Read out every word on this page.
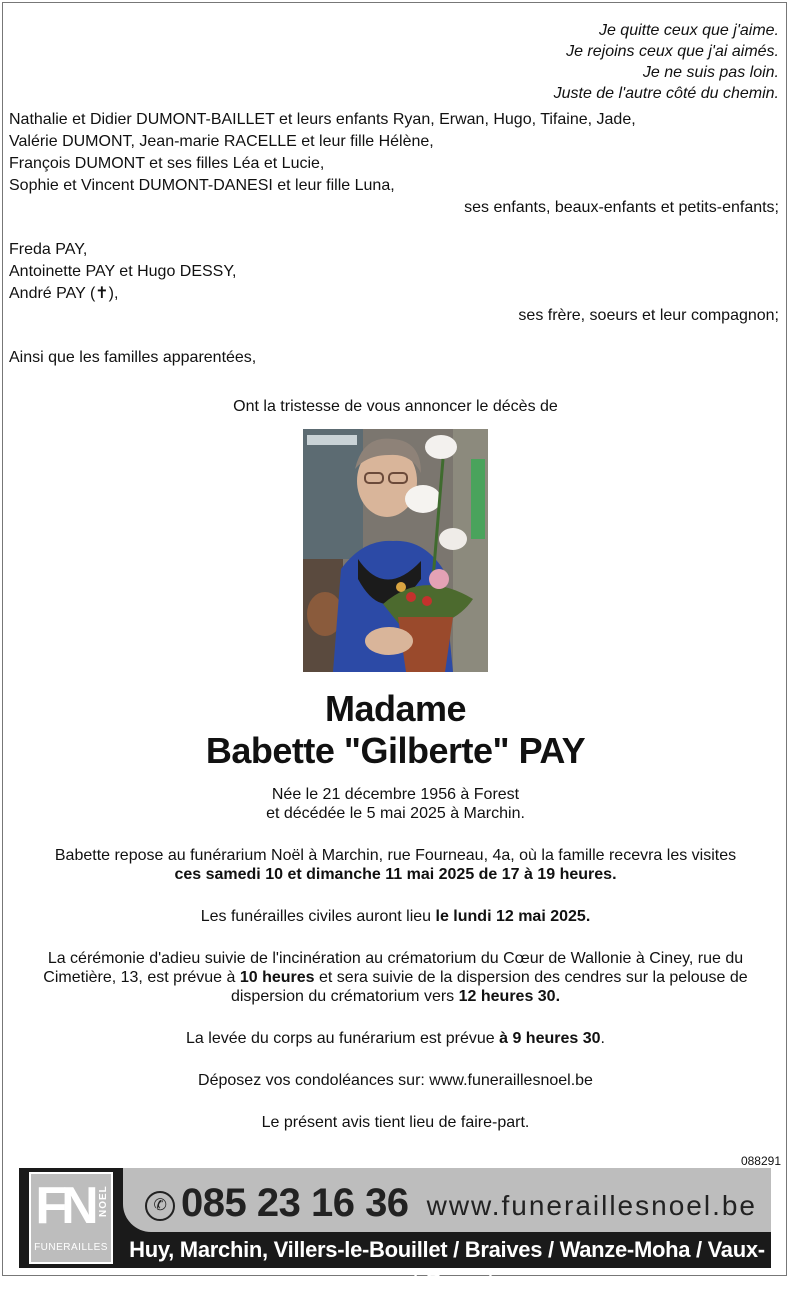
Je quitte ceux que j'aime.
Je rejoins ceux que j'ai aimés.
Je ne suis pas loin.
Juste de l'autre côté du chemin.
Nathalie et Didier DUMONT-BAILLET et leurs enfants Ryan, Erwan, Hugo, Tifaine, Jade,
Valérie DUMONT, Jean-marie RACELLE et leur fille Hélène,
François DUMONT et ses filles Léa et Lucie,
Sophie et Vincent DUMONT-DANESI et leur fille Luna,
ses enfants, beaux-enfants et petits-enfants;
Freda PAY,
Antoinette PAY et Hugo DESSY,
André PAY (✝),
ses frère, soeurs et leur compagnon;
Ainsi que les familles apparentées,
Ont la tristesse de vous annoncer le décès de
Madame
Babette "Gilberte" PAY

Née le 21 décembre 1956 à Forest

et décédée le 5 mai 2025 à Marchin.

Babette repose au funérarium Noël à Marchin, rue Fourneau, 4a, où la famille recevra les visites

ces samedi 10 et dimanche 11 mai 2025 de 17 à 19 heures.

Les funérailles civiles auront lieu le lundi 12 mai 2025.

La cérémonie d'adieu suivie de l'incinération au crématorium du Cœur de Wallonie à Ciney, rue du Cimetière, 13, est prévue à 10 heures et sera suivie de la dispersion des cendres sur la pelouse de dispersion du crématorium vers 12 heures 30.

La levée du corps au funérarium est prévue à 9 heures 30.

Déposez vos condoléances sur: www.funeraillesnoel.be

Le présent avis tient lieu de faire-part.

088291
FN NOEL
FUNERAILLES
✆ 085 23 16 36 www.funeraillesnoel.be
Huy, Marchin, Villers-le-Bouillet / Braives / Wanze-Moha / Vaux-et-Borset
